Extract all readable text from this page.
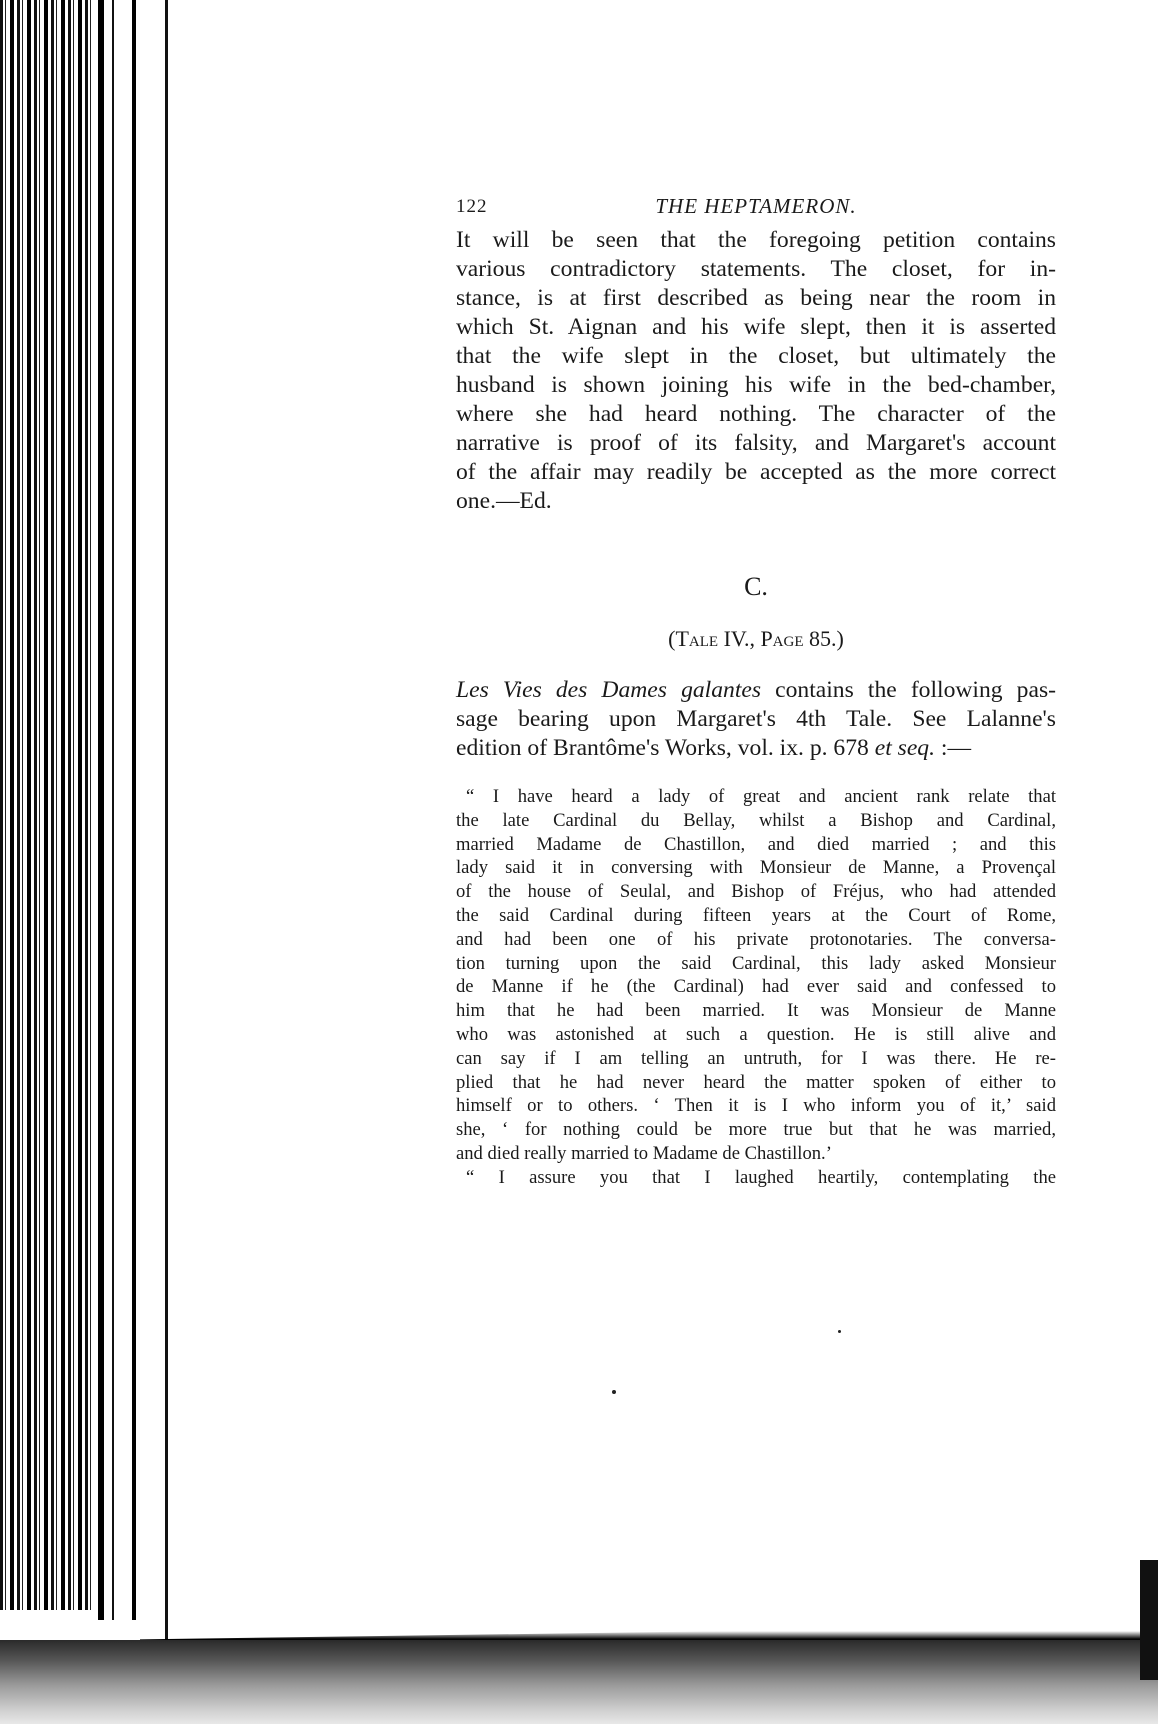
122	THE HEPTAMERON.

It will be seen that the foregoing petition contains
various contradictory statements. The closet, for in-
stance, is at first described as being near the room in
which St. Aignan and his wife slept, then it is asserted
that the wife slept in the closet, but ultimately the
husband is shown joining his wife in the bed-chamber,
where she had heard nothing. The character of the
narrative is proof of its falsity, and Margaret's account
of the affair may readily be accepted as the more correct
one.—Ed.

C.
(Tale IV., Page 85.)

Les Vies des Dames galantes contains the following pas-
sage bearing upon Margaret's 4th Tale. See Lalanne's
edition of Brantôme's Works, vol. ix. p. 678 et seq. :—

“ I have heard a lady of great and ancient rank relate that
the late Cardinal du Bellay, whilst a Bishop and Cardinal,
married Madame de Chastillon, and died married ; and this
lady said it in conversing with Monsieur de Manne, a Provençal
of the house of Seulal, and Bishop of Fréjus, who had attended
the said Cardinal during fifteen years at the Court of Rome,
and had been one of his private protonotaries. The conversa-
tion turning upon the said Cardinal, this lady asked Monsieur
de Manne if he (the Cardinal) had ever said and confessed to
him that he had been married. It was Monsieur de Manne
who was astonished at such a question. He is still alive and
can say if I am telling an untruth, for I was there. He re-
plied that he had never heard the matter spoken of either to
himself or to others. ‘ Then it is I who inform you of it,’ said
she, ‘ for nothing could be more true but that he was married,
and died really married to Madame de Chastillon.’
“ I assure you that I laughed heartily, contemplating the
